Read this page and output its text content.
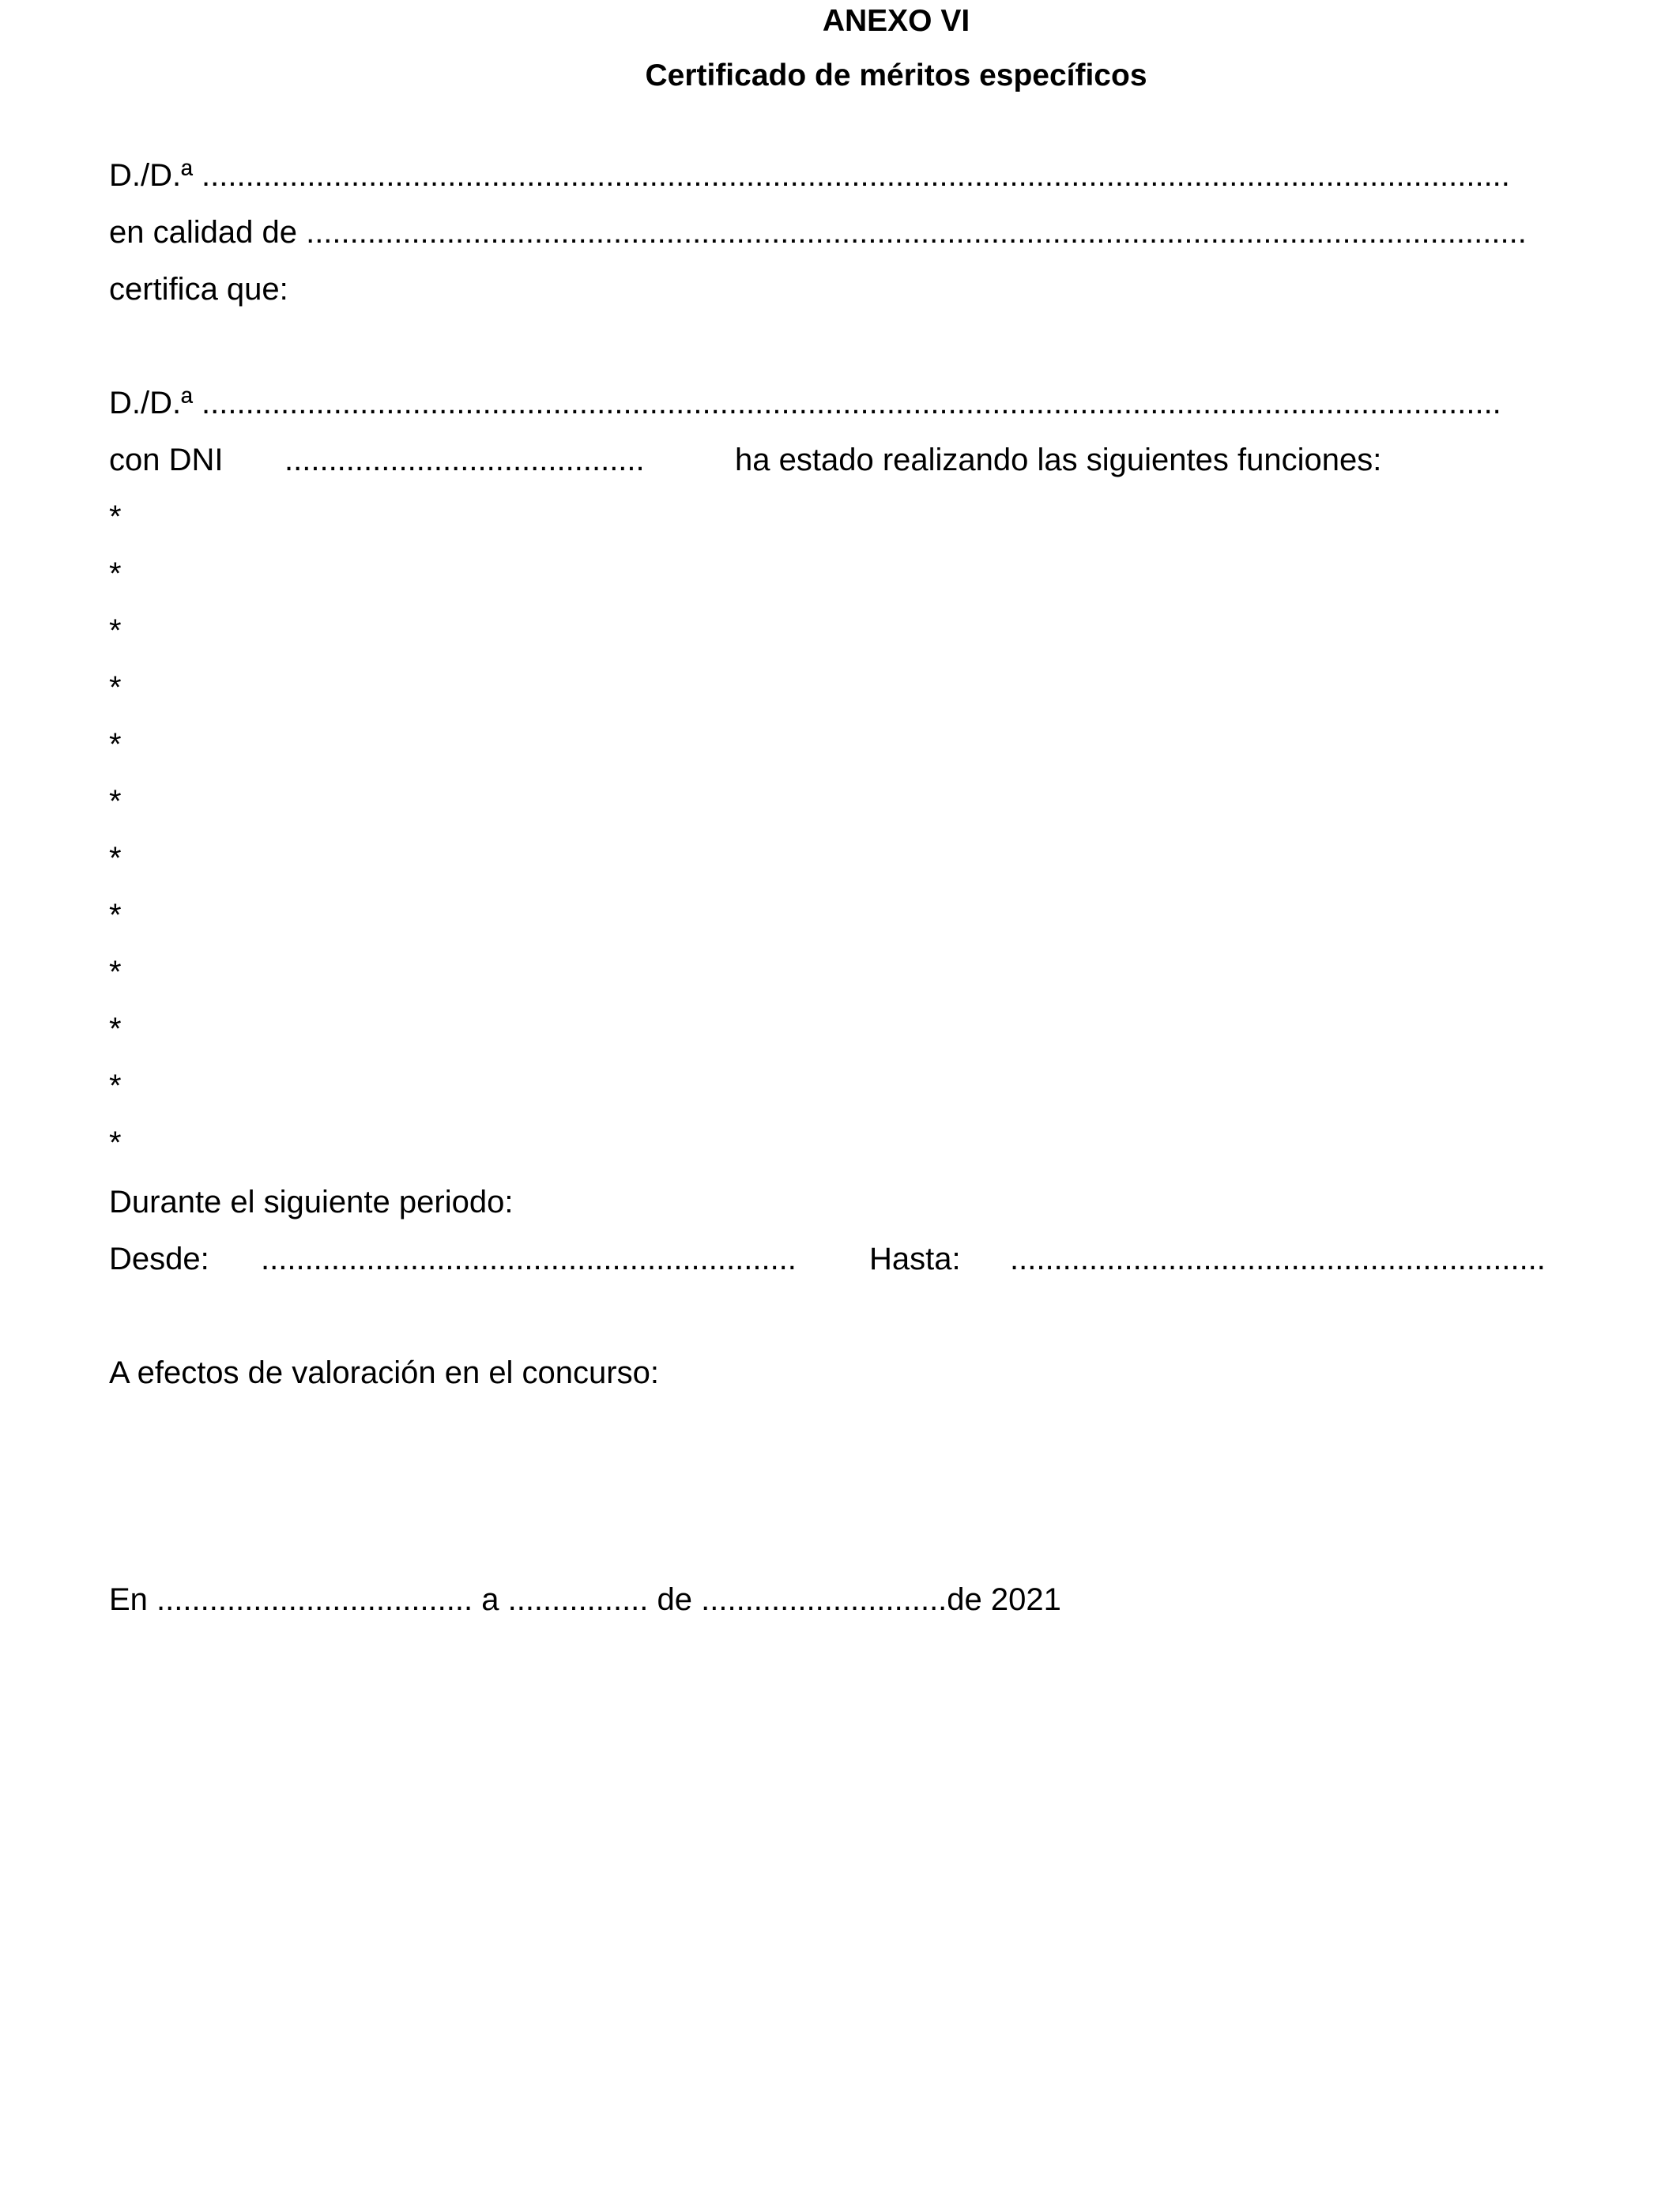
ANEXO VI
Certificado de méritos específicos
D./D.ª .....................................................................................................................................................
en calidad de ...........................................................................................................................................
certifica que:
D./D.ª ....................................................................................................................................................
con DNI .........................................	ha estado realizando las siguientes funciones:
*
*
*
*
*
*
*
*
*
*
*
*
Durante el siguiente periodo:
Desde: ............................................................. Hasta: .............................................................
A efectos de valoración en el concurso:
En .................................... a ................ de ............................de 2021
